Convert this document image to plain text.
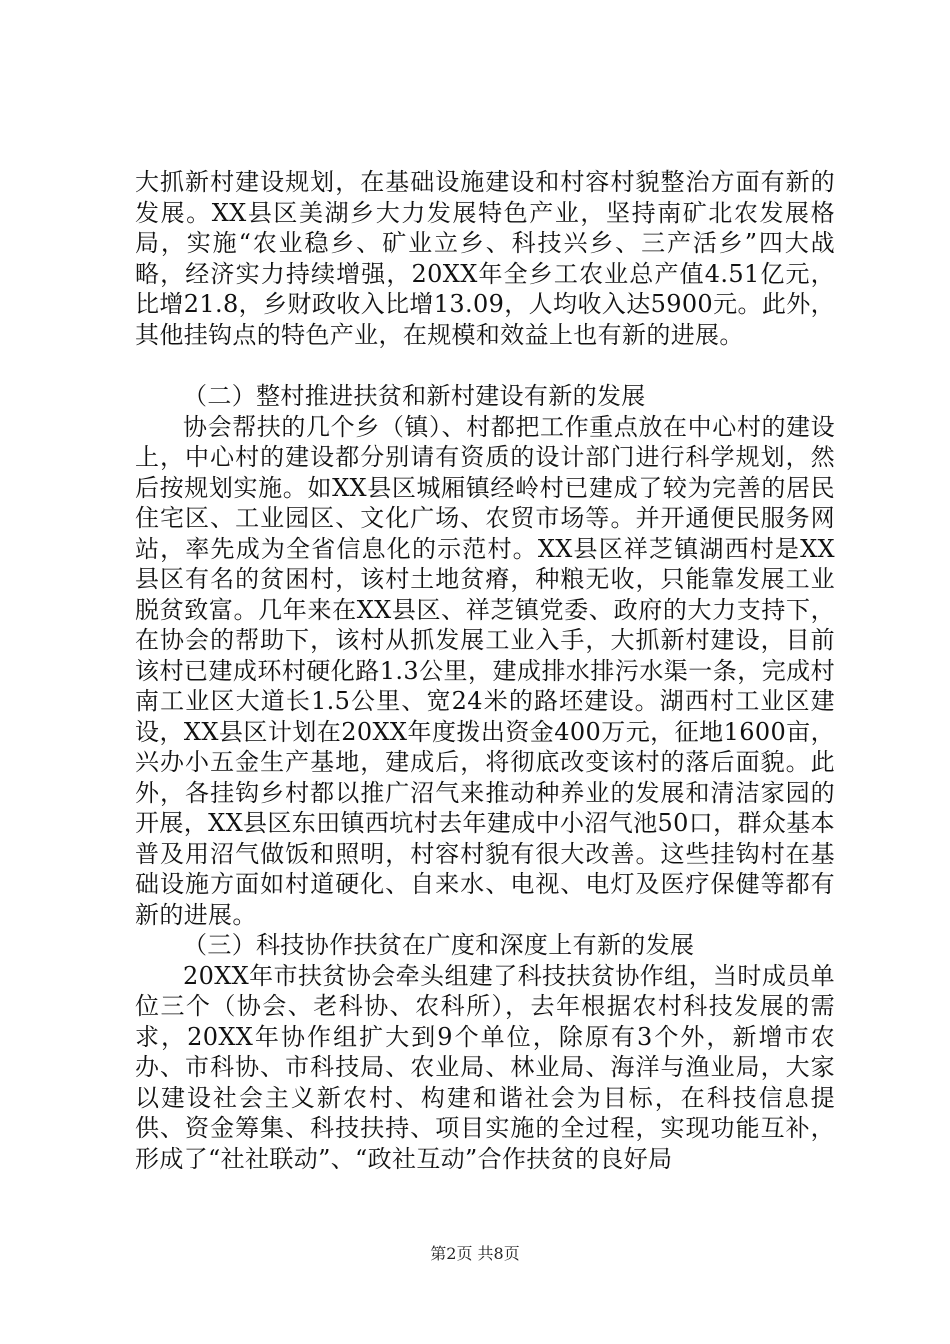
大抓新村建设规划，在基础设施建设和村容村貌整治方面有新的发展。XX县区美湖乡大力发展特色产业，坚持南矿北农发展格局，实施“农业稳乡、矿业立乡、科技兴乡、三产活乡”四大战略，经济实力持续增强，20XX年全乡工农业总产值4.51亿元，比增21.8，乡财政收入比增13.09，人均收入达5900元。此外，其他挂钩点的特色产业，在规模和效益上也有新的进展。

（二）整村推进扶贫和新村建设有新的发展

协会帮扶的几个乡（镇）、村都把工作重点放在中心村的建设上，中心村的建设都分别请有资质的设计部门进行科学规划，然后按规划实施。如XX县区城厢镇经岭村已建成了较为完善的居民住宅区、工业园区、文化广场、农贸市场等。并开通便民服务网站，率先成为全省信息化的示范村。XX县区祥芝镇湖西村是XX县区有名的贫困村，该村土地贫瘠，种粮无收，只能靠发展工业脱贫致富。几年来在XX县区、祥芝镇党委、政府的大力支持下，在协会的帮助下，该村从抓发展工业入手，大抓新村建设，目前该村已建成环村硬化路1.3公里，建成排水排污水渠一条，完成村南工业区大道长1.5公里、宽24米的路坯建设。湖西村工业区建设，XX县区计划在20XX年度拨出资金400万元，征地1600亩，兴办小五金生产基地，建成后，将彻底改变该村的落后面貌。此外，各挂钩乡村都以推广沼气来推动种养业的发展和清洁家园的开展，XX县区东田镇西坑村去年建成中小沼气池50口，群众基本普及用沼气做饭和照明，村容村貌有很大改善。这些挂钩村在基础设施方面如村道硬化、自来水、电视、电灯及医疗保健等都有新的进展。

（三）科技协作扶贫在广度和深度上有新的发展

20XX年市扶贫协会牵头组建了科技扶贫协作组，当时成员单位三个（协会、老科协、农科所），去年根据农村科技发展的需求，20XX年协作组扩大到9个单位，除原有3个外，新增市农办、市科协、市科技局、农业局、林业局、海洋与渔业局，大家以建设社会主义新农村、构建和谐社会为目标，在科技信息提供、资金筹集、科技扶持、项目实施的全过程，实现功能互补，形成了“社社联动”、“政社互动”合作扶贫的良好局

第2页 共8页
